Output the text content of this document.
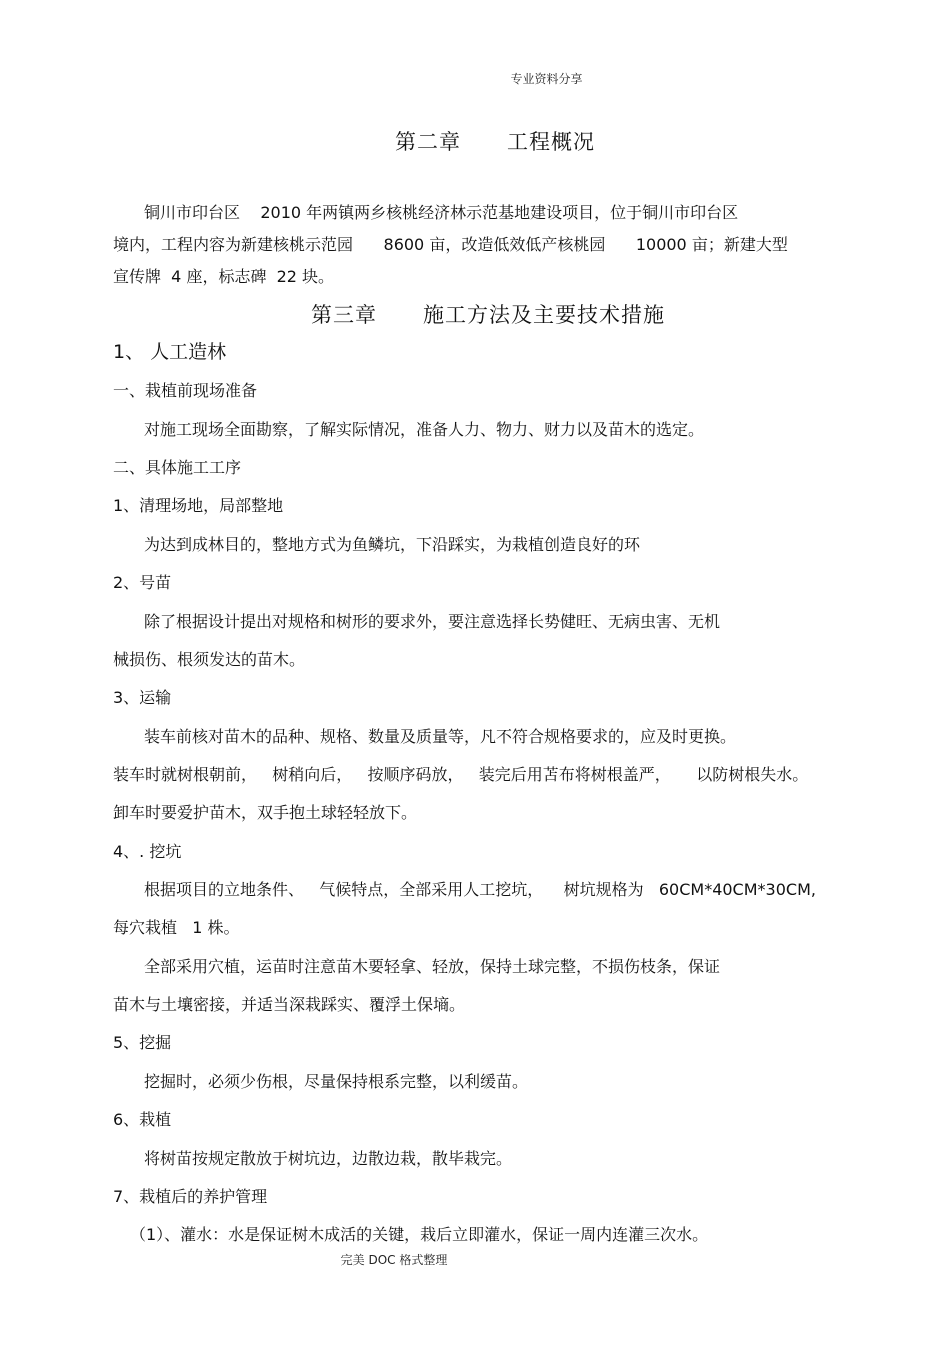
专业资料分享
第二章      工程概况
铜川市印台区    2010 年两镇两乡核桃经济林示范基地建设项目，位于铜川市印台区
境内，工程内容为新建核桃示范园      8600 亩，改造低效低产核桃园      10000 亩；新建大型
宣传牌  4 座，标志碑  22 块。
第三章      施工方法及主要技术措施
1、 人工造林
一、栽植前现场准备
对施工现场全面勘察，了解实际情况，准备人力、物力、财力以及苗木的选定。
二、具体施工工序
1、清理场地，局部整地
为达到成林目的，整地方式为鱼鳞坑，下沿踩实，为栽植创造良好的环
2、号苗
除了根据设计提出对规格和树形的要求外，要注意选择长势健旺、无病虫害、无机
械损伤、根须发达的苗木。
3、运输
装车前核对苗木的品种、规格、数量及质量等，凡不符合规格要求的，应及时更换。
装车时就树根朝前，   树稍向后，   按顺序码放，   装完后用苫布将树根盖严，     以防树根失水。
卸车时要爱护苗木，双手抱土球轻轻放下。
4、. 挖坑
根据项目的立地条件、   气候特点，全部采用人工挖坑，    树坑规格为   60CM*40CM*30CM,
每穴栽植   1 株。
全部采用穴植，运苗时注意苗木要轻拿、轻放，保持土球完整，不损伤枝条，保证
苗木与土壤密接，并适当深栽踩实、覆浮土保墒。
5、挖掘
挖掘时，必须少伤根，尽量保持根系完整，以利缓苗。
6、栽植
将树苗按规定散放于树坑边，边散边栽，散毕栽完。
7、栽植后的养护管理
（1）、灌水：水是保证树木成活的关键，栽后立即灌水，保证一周内连灌三次水。
完美 DOC 格式整理
